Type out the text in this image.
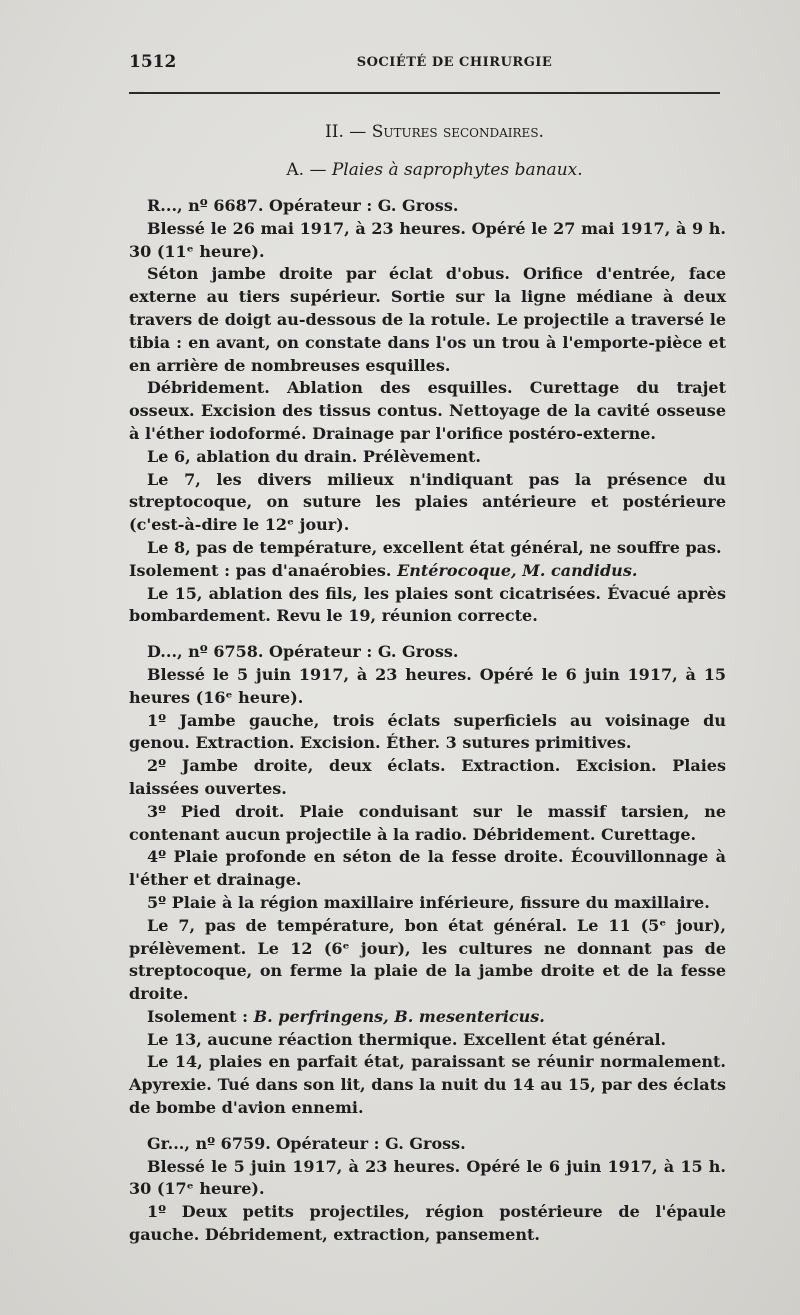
1512	SOCIÉTÉ DE CHIRURGIE
II. — Sutures secondaires.
A. — Plaies à saprophytes banaux.

R..., nº 6687. Opérateur : G. Gross.

Blessé le 26 mai 1917, à 23 heures. Opéré le 27 mai 1917, à 9 h. 30 (11ᵉ heure).

Séton jambe droite par éclat d'obus. Orifice d'entrée, face externe au tiers supérieur. Sortie sur la ligne médiane à deux travers de doigt au-dessous de la rotule. Le projectile a traversé le tibia : en avant, on constate dans l'os un trou à l'emporte-pièce et en arrière de nombreuses esquilles.

Débridement. Ablation des esquilles. Curettage du trajet osseux. Excision des tissus contus. Nettoyage de la cavité osseuse à l'éther iodoformé. Drainage par l'orifice postéro-externe.

Le 6, ablation du drain. Prélèvement.

Le 7, les divers milieux n'indiquant pas la présence du streptocoque, on suture les plaies antérieure et postérieure (c'est-à-dire le 12ᵉ jour).

Le 8, pas de température, excellent état général, ne souffre pas.

Isolement : pas d'anaérobies. Entérocoque, M. candidus.

Le 15, ablation des fils, les plaies sont cicatrisées. Évacué après bombardement. Revu le 19, réunion correcte.

D..., nº 6758. Opérateur : G. Gross.

Blessé le 5 juin 1917, à 23 heures. Opéré le 6 juin 1917, à 15 heures (16ᵉ heure).

1º Jambe gauche, trois éclats superficiels au voisinage du genou. Extraction. Excision. Éther. 3 sutures primitives.

2º Jambe droite, deux éclats. Extraction. Excision. Plaies laissées ouvertes.

3º Pied droit. Plaie conduisant sur le massif tarsien, ne contenant aucun projectile à la radio. Débridement. Curettage.

4º Plaie profonde en séton de la fesse droite. Écouvillonnage à l'éther et drainage.

5º Plaie à la région maxillaire inférieure, fissure du maxillaire.

Le 7, pas de température, bon état général. Le 11 (5ᵉ jour), prélèvement. Le 12 (6ᵉ jour), les cultures ne donnant pas de streptocoque, on ferme la plaie de la jambe droite et de la fesse droite.

Isolement : B. perfringens, B. mesentericus.

Le 13, aucune réaction thermique. Excellent état général.

Le 14, plaies en parfait état, paraissant se réunir normalement. Apyrexie. Tué dans son lit, dans la nuit du 14 au 15, par des éclats de bombe d'avion ennemi.

Gr..., nº 6759. Opérateur : G. Gross.

Blessé le 5 juin 1917, à 23 heures. Opéré le 6 juin 1917, à 15 h. 30 (17ᵉ heure).

1º Deux petits projectiles, région postérieure de l'épaule gauche. Débridement, extraction, pansement.
